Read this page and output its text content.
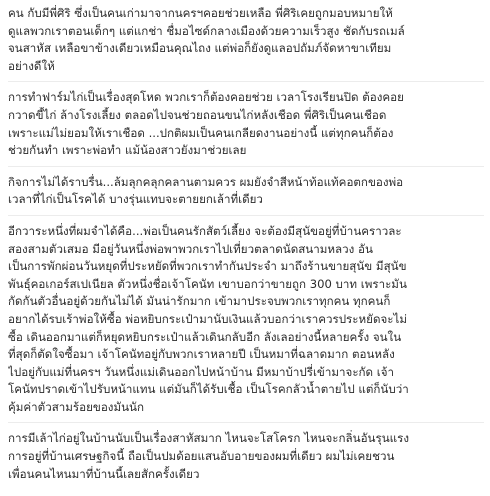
คน กับมีพี่ศิริ ซึ่งเป็นคนเก่ามาจากนครฯคอยช่วยเหลือ พี่ศิริเคยถูกมอบหมายให้
ดูแลพวกเราตอนเด็กๆ แต่แกช่า ชื่มอไซด์กลางเมืองด้วยความเร็วสูง ชัดกับรถเมล์
จนสาหัส เหลือขาข้างเดียวเหมือนคุณไถง แต่พ่อก็ยังดูแลอปถัมภ์จัดหาขาเทียม
อย่างดีให้
การทำฟาร์มไก่เป็นเรื่องสุดโหด พวกเราก็ต้องคอยช่วย เวลาโรงเรียนปิด ต้องคอย
กวาดขี้ไก่ ล้างโรงเลี้ยง ตลอดไปจนช่วยถอนขนไก่หลังเชือด พี่ศิริเป็นคนเชือด
เพราะแม่ไม่ยอมให้เราเชือด ...ปกติผมเป็นคนเกลียดงานอย่างนี้ แต่ทุกคนก็ต้อง
ช่วยกันทำ เพราะพ่อทำ แม้น้องสาวยังมาช่วยเลย
กิจการไม่ได้ราบรื่น...ล้มลุกคลุกคลานตามควร ผมยังจำสีหน้าท้อแท้คอตกของพ่อ
เวลาที่ไก่เป็นโรคได้ บางรุ่นแทบจะตายยกเล้าที่เดียว
อีกวาระหนึ่งที่ผมจำได้คือ...พ่อเป็นคนรักสัตว์เลี้ยง จะต้องมีสุนัขอยู่ที่บ้านคราวละ
สองสามตัวเสมอ มีอยู่วันหนึ่งพ่อพาพวกเราไปเที่ยวตลาดนัดสนามหลวง อัน
เป็นการพักผ่อนวันหยุดที่ประหยัดที่พวกเราทำกันประจำ มาถึงร้านขายสุนัข มีสุนัข
พันธุ์คอเกอร์สเปเนียล ตัวหนึ่งชื่อเจ้าโคนัท เขาบอกว่าขายถูก 300 บาท เพราะมัน
กัดกันตัวอื่นอยู่ด้วยกันไม่ได้ มันน่ารักมาก เข้ามาประจบพวกเราทุกคน ทุกคนก็
อยากได้รบเร้าพ่อให้ซื้อ พ่อหยิบกระเป๋ามานับเงินแล้วบอกว่าเราควรประหยัดจะไม่
ซื้อ เดินออกมาแต่ก็หยุดหยิบกระเป๋าแล้วเดินกลับอีก ลังเลอย่างนี้หลายครั้ง จนใน
ที่สุดก็ตัดใจซื้อมา เจ้าโคนัทอยู่กับพวกเราหลายปี เป็นหมาที่ฉลาดมาก ตอนหลัง
ไปอยู่กับแม่ที่นครฯ วันหนึ่งแม่เดินออกไปหน้าบ้าน มีหมาบ้าปรี่เข้ามาจะกัด เจ้า
โคนัทปราดเข้าไปรับหน้าแทน แต่มันก็ได้รับเชื้อ เป็นโรคกลัวน้ำตายไป แต่ก็นับว่า
คุ้มค่าตัวสามร้อยของมันนัก
การมีเล้าไก่อยู่ในบ้านนับเป็นเรื่องสาหัสมาก ไหนจะโสโครก ไหนจะกลิ่นอันรุนแรง
การอยู่ที่บ้านเศรษฐกิจนี้ ถือเป็นปมด้อยแสนอับอายของผมที่เดียว ผมไม่เคยชวน
เพื่อนคนไหนมาที่บ้านนี้เลยสักครั้งเดียว
